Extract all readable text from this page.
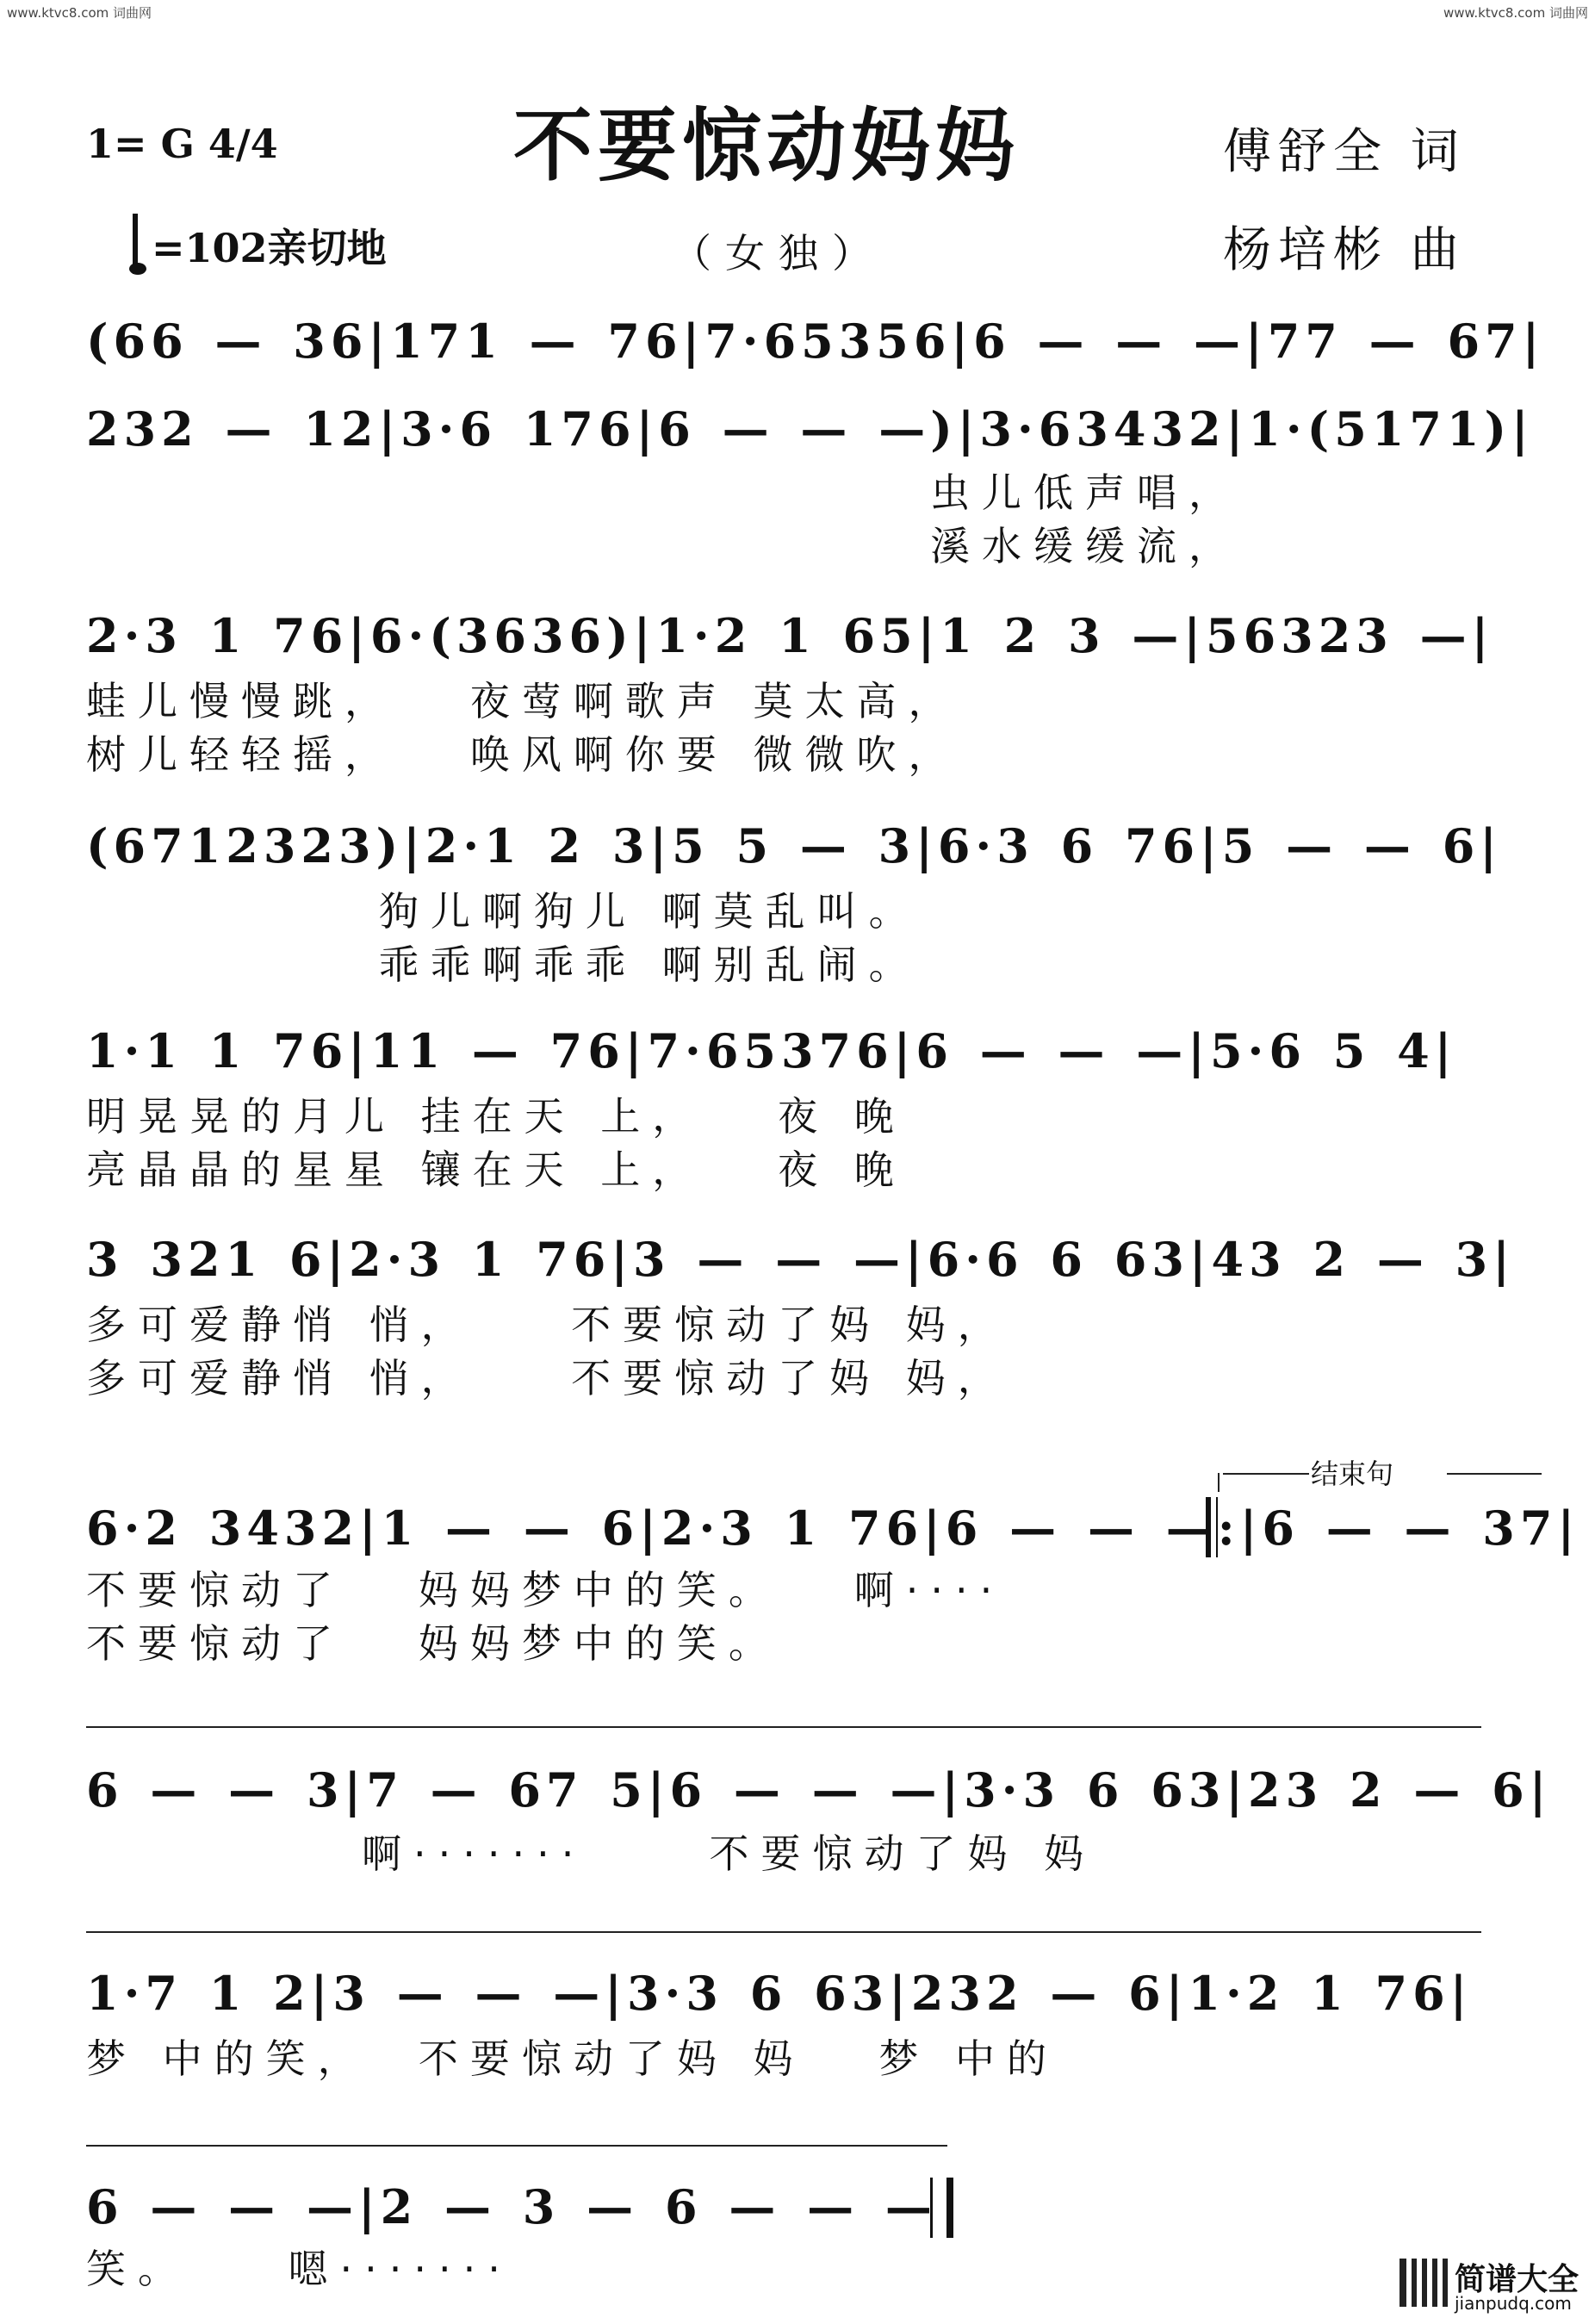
www.ktvc8.com 词曲网	www.ktvc8.com 词曲网
1= G 4/4	不要惊动妈妈	傅舒全 词
=102亲切地	（女独）	杨培彬 曲
(66 — 36|171 — 76|7·65356|6 — — —|77 — 67|
232 — 12|3·6 176|6 — — —)|3·63432|1·(5171)|
虫儿低声唱，
溪水缓缓流，
2·3 1 76|6·(3636)|1·2 1 65|1 2 3 —|56323 —|
蛙儿慢慢跳，   夜莺啊歌声 莫太高，
树儿轻轻摇，   唤风啊你要 微微吹，
(6712323)|2·1 2 3|5 5 — 3|6·3 6 76|5 — — 6|
狗儿啊狗儿 啊莫乱叫。
乖乖啊乖乖 啊别乱闹。
1·1 1 76|11 — 76|7·65376|6 — — —|5·6 5 4|
明晃晃的月儿 挂在天 上，   夜 晚
亮晶晶的星星 镶在天 上，   夜 晚
3 321 6|2·3 1 76|3 — — —|6·6 6 63|43 2 — 3|
多可爱静悄 悄，    不要惊动了妈 妈，
多可爱静悄 悄，    不要惊动了妈 妈，
结束句
6·2 3432|1 — — 6|2·3 1 76|6 — — —:|6 — — 37|
不要惊动了   妈妈梦中的笑。   啊····
不要惊动了   妈妈梦中的笑。
6 — — 3|7 — 67 5|6 — — —|3·3 6 63|23 2 — 6|
啊·······     不要惊动了妈 妈
1·7 1 2|3 — — —|3·3 6 63|232 — 6|1·2 1 76|
梦 中的笑，  不要惊动了妈 妈   梦 中的
6 — — —|2 — 3 — 6 — — —
笑。    嗯·······	简谱大全
jianpudq.com
